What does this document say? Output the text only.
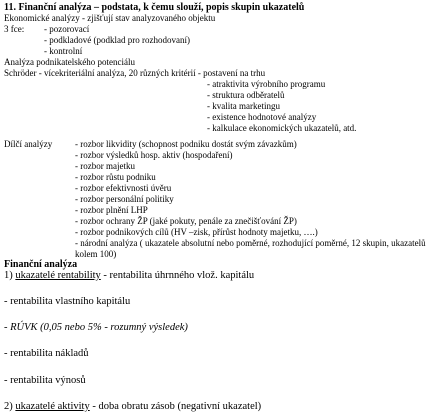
11. Finanční analýza – podstata, k čemu slouží, popis skupin ukazatelů
Ekonomické analýzy - zjišťují stav analyzovaného objektu
3 fce: - pozorovací
- podkladové (podklad pro rozhodovaní)
- kontrolní
Analýza podnikatelského potenciálu
Schröder - vícekriteriální analýza, 20 různých kritérií - postavení na trhu
- atraktivita výrobního programu
- struktura odběratelů
- kvalita marketingu
- existence hodnotové analýzy
- kalkulace ekonomických ukazatelů, atd.
Dílčí analýzy	- rozbor likvidity (schopnost podniku dostát svým závazkům)
- rozbor výsledků hosp. aktiv (hospodaření)
- rozbor majetku
- rozbor růstu podniku
- rozbor efektivnosti úvěru
- rozbor personální politiky
- rozbor plnění LHP
- rozbor ochrany ŽP (jaké pokuty, penále za znečišťování ŽP)
- rozbor podnikových cílů (HV –zisk, přírůst hodnoty majetku, ….)
- národní analýza ( ukazatele absolutní nebo poměrné, rozhodující poměrné, 12 skupin, ukazatelů
kolem 100)
Finanční analýza
1) ukazatelé rentability - rentabilita úhrnného vlož. kapitálu
- rentabilita vlastního kapitálu
- RÚVK (0,05 nebo 5% - rozumný výsledek)
- rentabilita nákladů
- rentabilita výnosů
2) ukazatelé aktivity - doba obratu zásob (negativní ukazatel)
